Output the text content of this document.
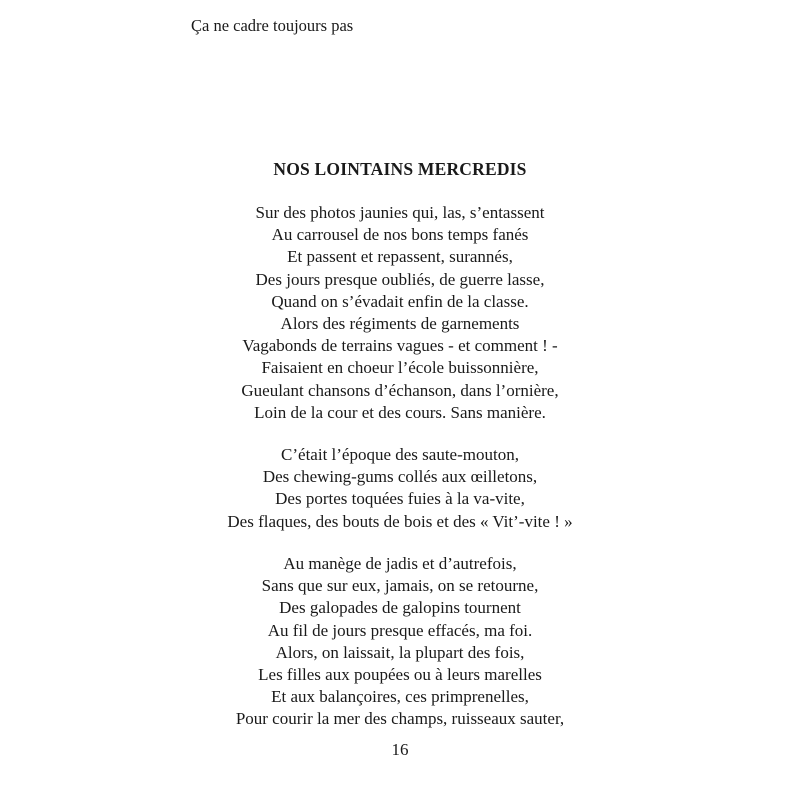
Ça ne cadre toujours pas
NOS LOINTAINS MERCREDIS
Sur des photos jaunies qui, las, s’entassent
Au carrousel de nos bons temps fanés
Et passent et repassent, surannés,
Des jours presque oubliés, de guerre lasse,
Quand on s’évadait enfin de la classe.
Alors des régiments de garnements
Vagabonds de terrains vagues - et comment ! -
Faisaient en choeur l’école buissonnière,
Gueulant chansons d’échanson, dans l’ornière,
Loin de la cour et des cours. Sans manière.
C’était l’époque des saute-mouton,
Des chewing-gums collés aux œilletons,
Des portes toquées fuies à la va-vite,
Des flaques, des bouts de bois et des « Vit’-vite ! »
Au manège de jadis et d’autrefois,
Sans que sur eux, jamais, on se retourne,
Des galopades de galopins tournent
Au fil de jours presque effacés, ma foi.
Alors, on laissait, la plupart des fois,
Les filles aux poupées ou à leurs marelles
Et aux balançoires, ces primprenelles,
Pour courir la mer des champs, ruisseaux sauter,
16
